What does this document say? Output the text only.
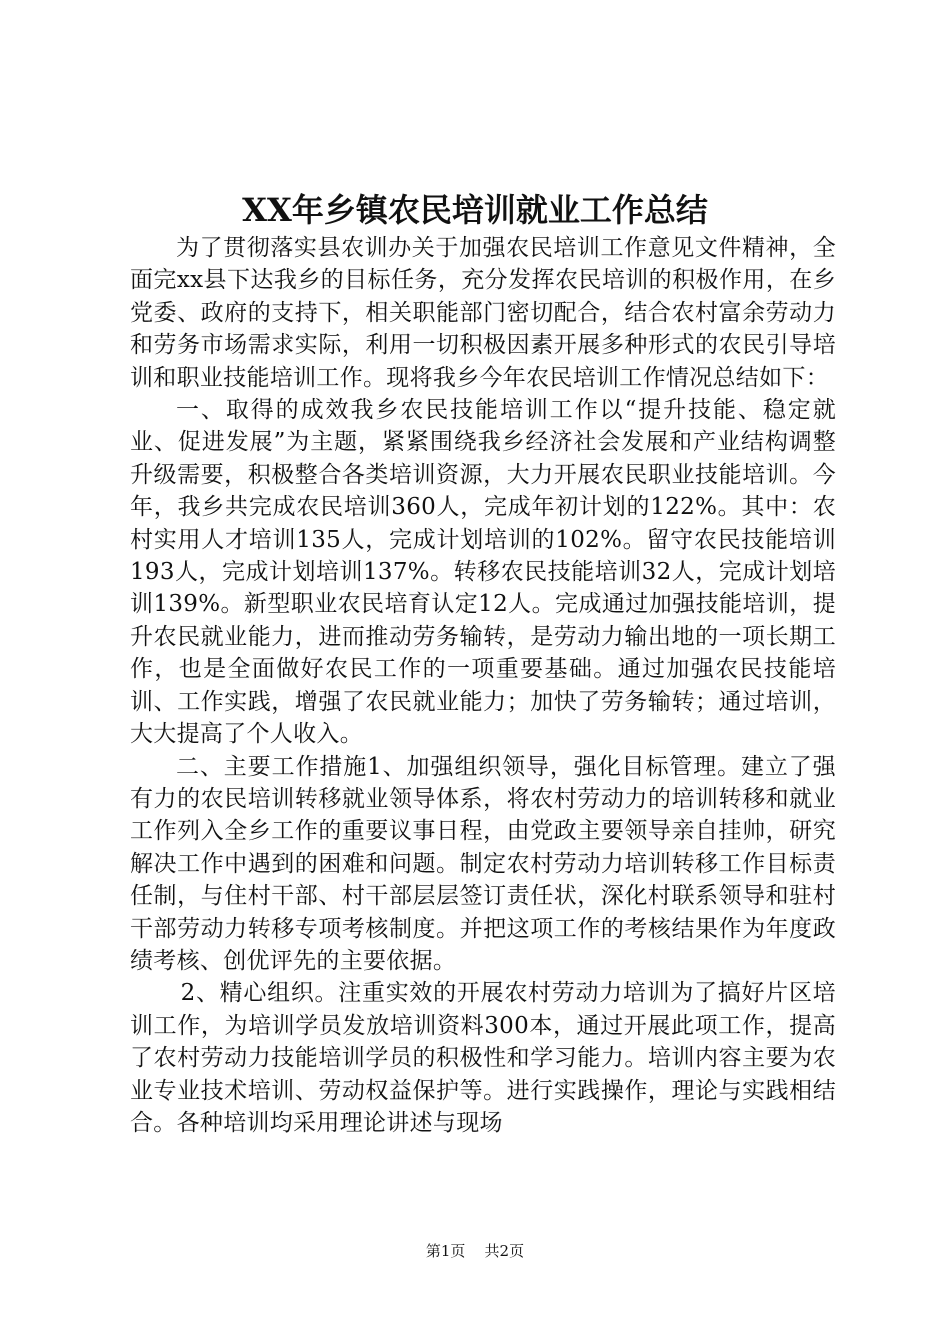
XX年乡镇农民培训就业工作总结

为了贯彻落实县农训办关于加强农民培训工作意见文件精神，全面完xx县下达我乡的目标任务，充分发挥农民培训的积极作用，在乡党委、政府的支持下，相关职能部门密切配合，结合农村富余劳动力和劳务市场需求实际，利用一切积极因素开展多种形式的农民引导培训和职业技能培训工作。现将我乡今年农民培训工作情况总结如下：

一、取得的成效我乡农民技能培训工作以“提升技能、稳定就业、促进发展”为主题，紧紧围绕我乡经济社会发展和产业结构调整升级需要，积极整合各类培训资源，大力开展农民职业技能培训。今年，我乡共完成农民培训360人，完成年初计划的122%。其中：农村实用人才培训135人，完成计划培训的102%。留守农民技能培训193人，完成计划培训137%。转移农民技能培训32人，完成计划培训139%。新型职业农民培育认定12人。完成通过加强技能培训，提升农民就业能力，进而推动劳务输转，是劳动力输出地的一项长期工作，也是全面做好农民工作的一项重要基础。通过加强农民技能培训、工作实践，增强了农民就业能力；加快了劳务输转；通过培训，大大提高了个人收入。

二、主要工作措施1、加强组织领导，强化目标管理。建立了强有力的农民培训转移就业领导体系，将农村劳动力的培训转移和就业工作列入全乡工作的重要议事日程，由党政主要领导亲自挂帅，研究解决工作中遇到的困难和问题。制定农村劳动力培训转移工作目标责任制，与住村干部、村干部层层签订责任状，深化村联系领导和驻村干部劳动力转移专项考核制度。并把这项工作的考核结果作为年度政绩考核、创优评先的主要依据。

2、精心组织。注重实效的开展农村劳动力培训为了搞好片区培训工作，为培训学员发放培训资料300本，通过开展此项工作，提高了农村劳动力技能培训学员的积极性和学习能力。培训内容主要为农业专业技术培训、劳动权益保护等。进行实践操作，理论与实践相结合。各种培训均采用理论讲述与现场

第1页 共2页
